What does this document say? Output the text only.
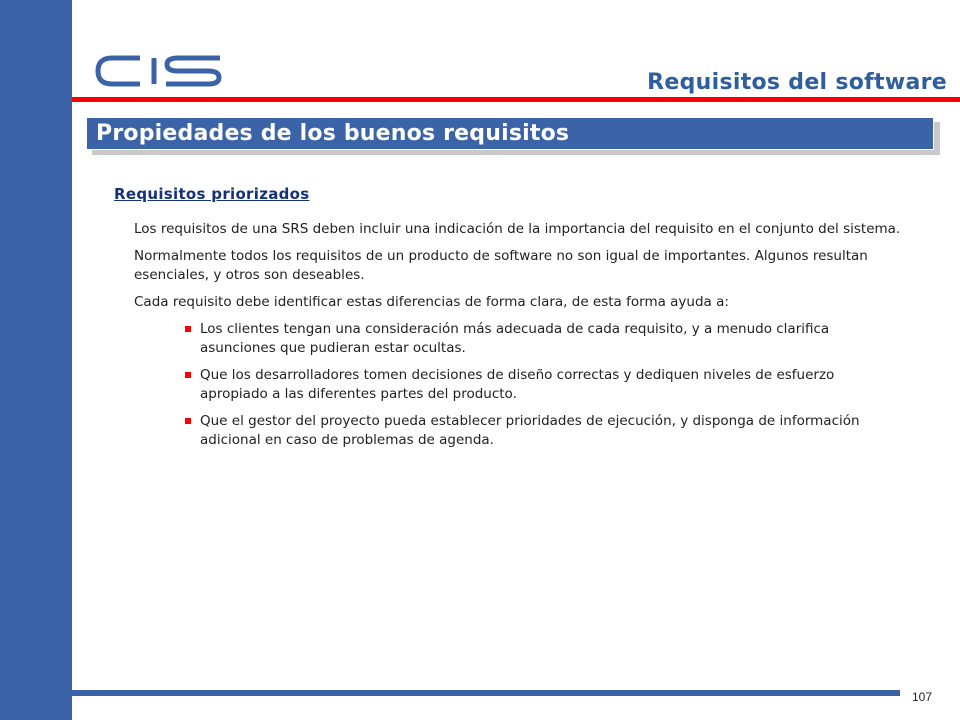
Requisitos del software
Propiedades de los buenos requisitos
Requisitos priorizados

Los requisitos de una SRS deben incluir una indicación de la importancia del requisito en el conjunto del sistema.

Normalmente todos los requisitos de un producto de software no son igual de importantes. Algunos resultan esenciales, y otros son deseables.

Cada requisito debe identificar estas diferencias de forma clara, de esta forma ayuda a:

Los clientes tengan una consideración más adecuada de cada requisito, y a menudo clarifica asunciones que pudieran estar ocultas.
Que los desarrolladores tomen decisiones de diseño correctas y dediquen niveles de esfuerzo apropiado a las diferentes partes del producto.
Que el gestor del proyecto pueda establecer prioridades de ejecución, y disponga de información adicional en caso de problemas de agenda.
107
